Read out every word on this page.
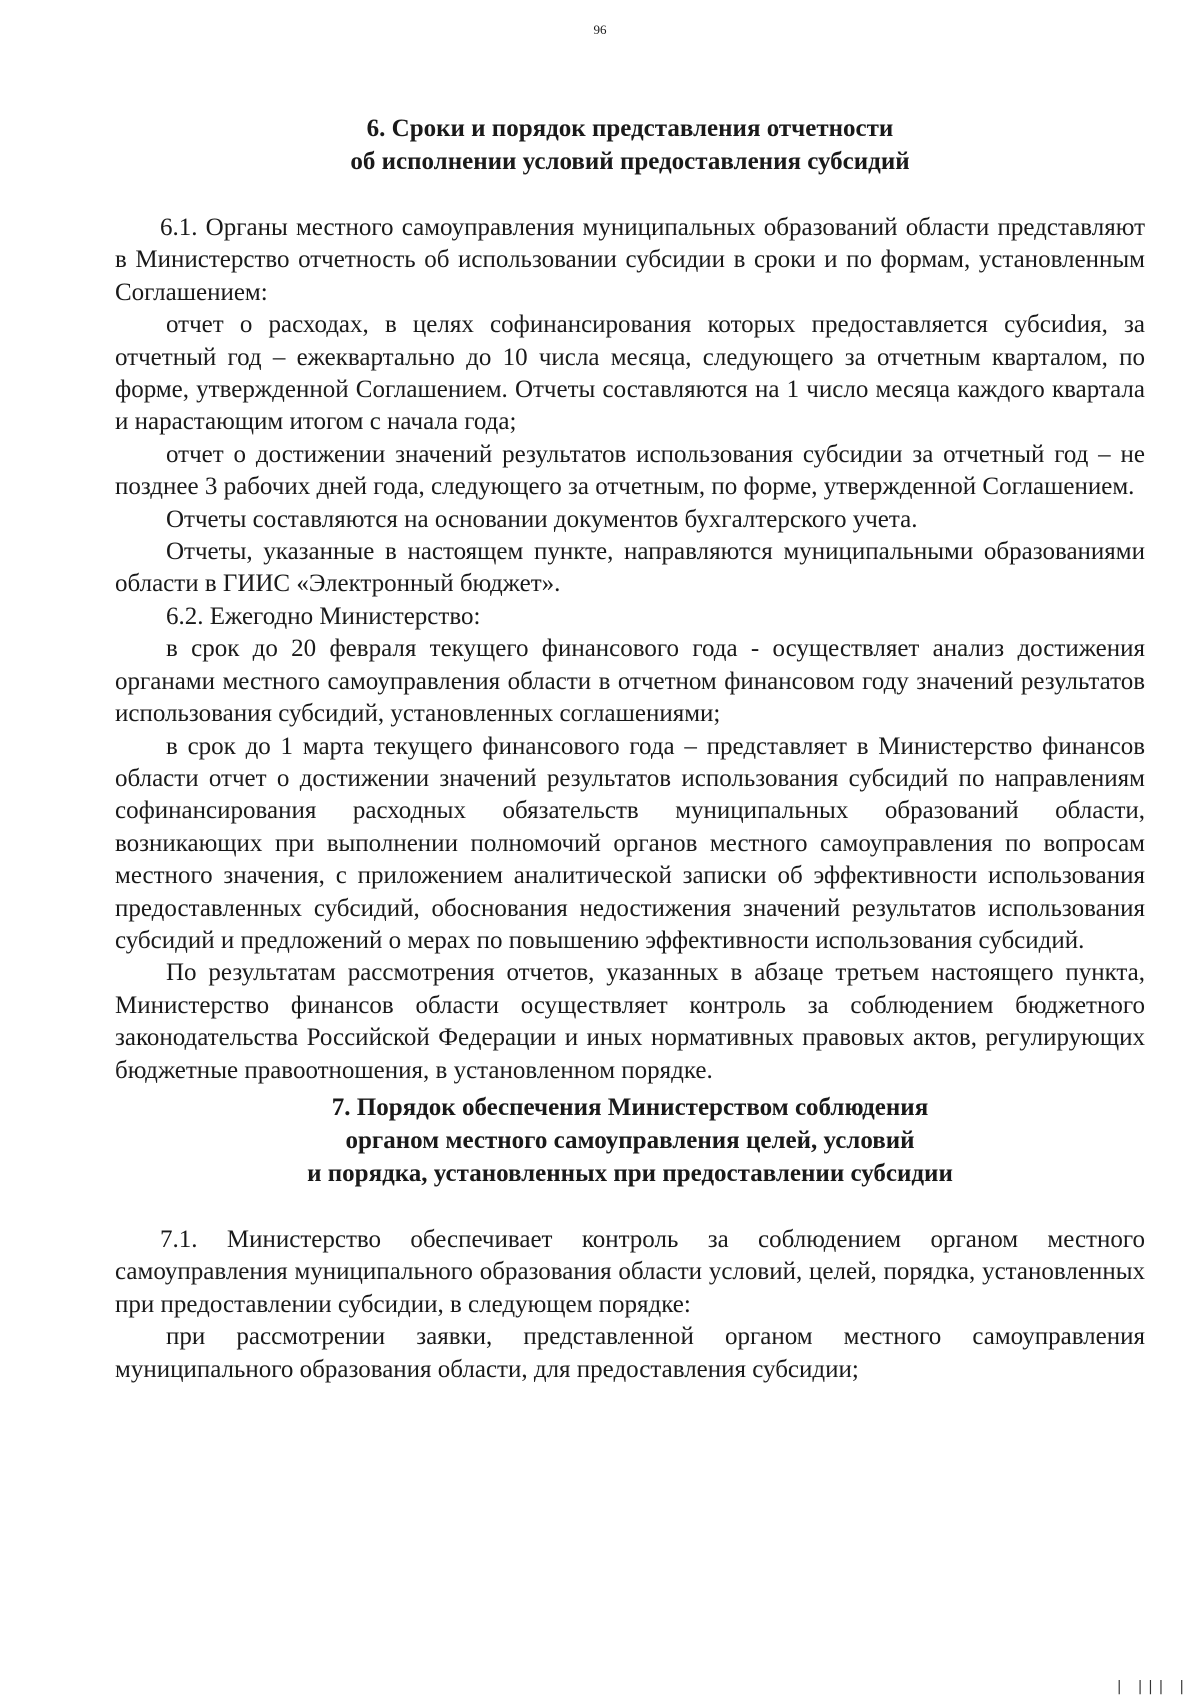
96
6. Сроки и порядок представления отчетности
об исполнении условий предоставления субсидий

6.1. Органы местного самоуправления муниципальных образований области представляют в Министерство отчетность об использовании субсидии в сроки и по формам, установленным Соглашением:

отчет о расходах, в целях софинансирования которых предоставляется субсиdия, за отчетный год – ежеквартально до 10 числа месяца, следующего за отчетным кварталом, по форме, утвержденной Соглашением. Отчеты составляются на 1 число месяца каждого квартала и нарастающим итогом с начала года;

отчет о достижении значений результатов использования субсидии за отчетный год – не позднее 3 рабочих дней года, следующего за отчетным, по форме, утвержденной Соглашением.

Отчеты составляются на основании документов бухгалтерского учета.

Отчеты, указанные в настоящем пункте, направляются муниципальными образованиями области в ГИИС «Электронный бюджет».

6.2. Ежегодно Министерство:

в срок до 20 февраля текущего финансового года - осуществляет анализ достижения органами местного самоуправления области в отчетном финансовом году значений результатов использования субсидий, установленных соглашениями;

в срок до 1 марта текущего финансового года – представляет в Министерство финансов области отчет о достижении значений результатов использования субсидий по направлениям софинансирования расходных обязательств муниципальных образований области, возникающих при выполнении полномочий органов местного самоуправления по вопросам местного значения, с приложением аналитической записки об эффективности использования предоставленных субсидий, обоснования недостижения значений результатов использования субсидий и предложений о мерах по повышению эффективности использования субсидий.

По результатам рассмотрения отчетов, указанных в абзаце третьем настоящего пункта, Министерство финансов области осуществляет контроль за соблюдением бюджетного законодательства Российской Федерации и иных нормативных правовых актов, регулирующих бюджетные правоотношения, в установленном порядке.

7. Порядок обеспечения Министерством соблюдения
органом местного самоуправления целей, условий
и порядка, установленных при предоставлении субсидии

7.1. Министерство обеспечивает контроль за соблюдением органом местного самоуправления муниципального образования области условий, целей, порядка, установленных при предоставлении субсидии, в следующем порядке:

при рассмотрении заявки, представленной органом местного самоуправления муниципального образования области, для предоставления субсидии;

| ||| |
